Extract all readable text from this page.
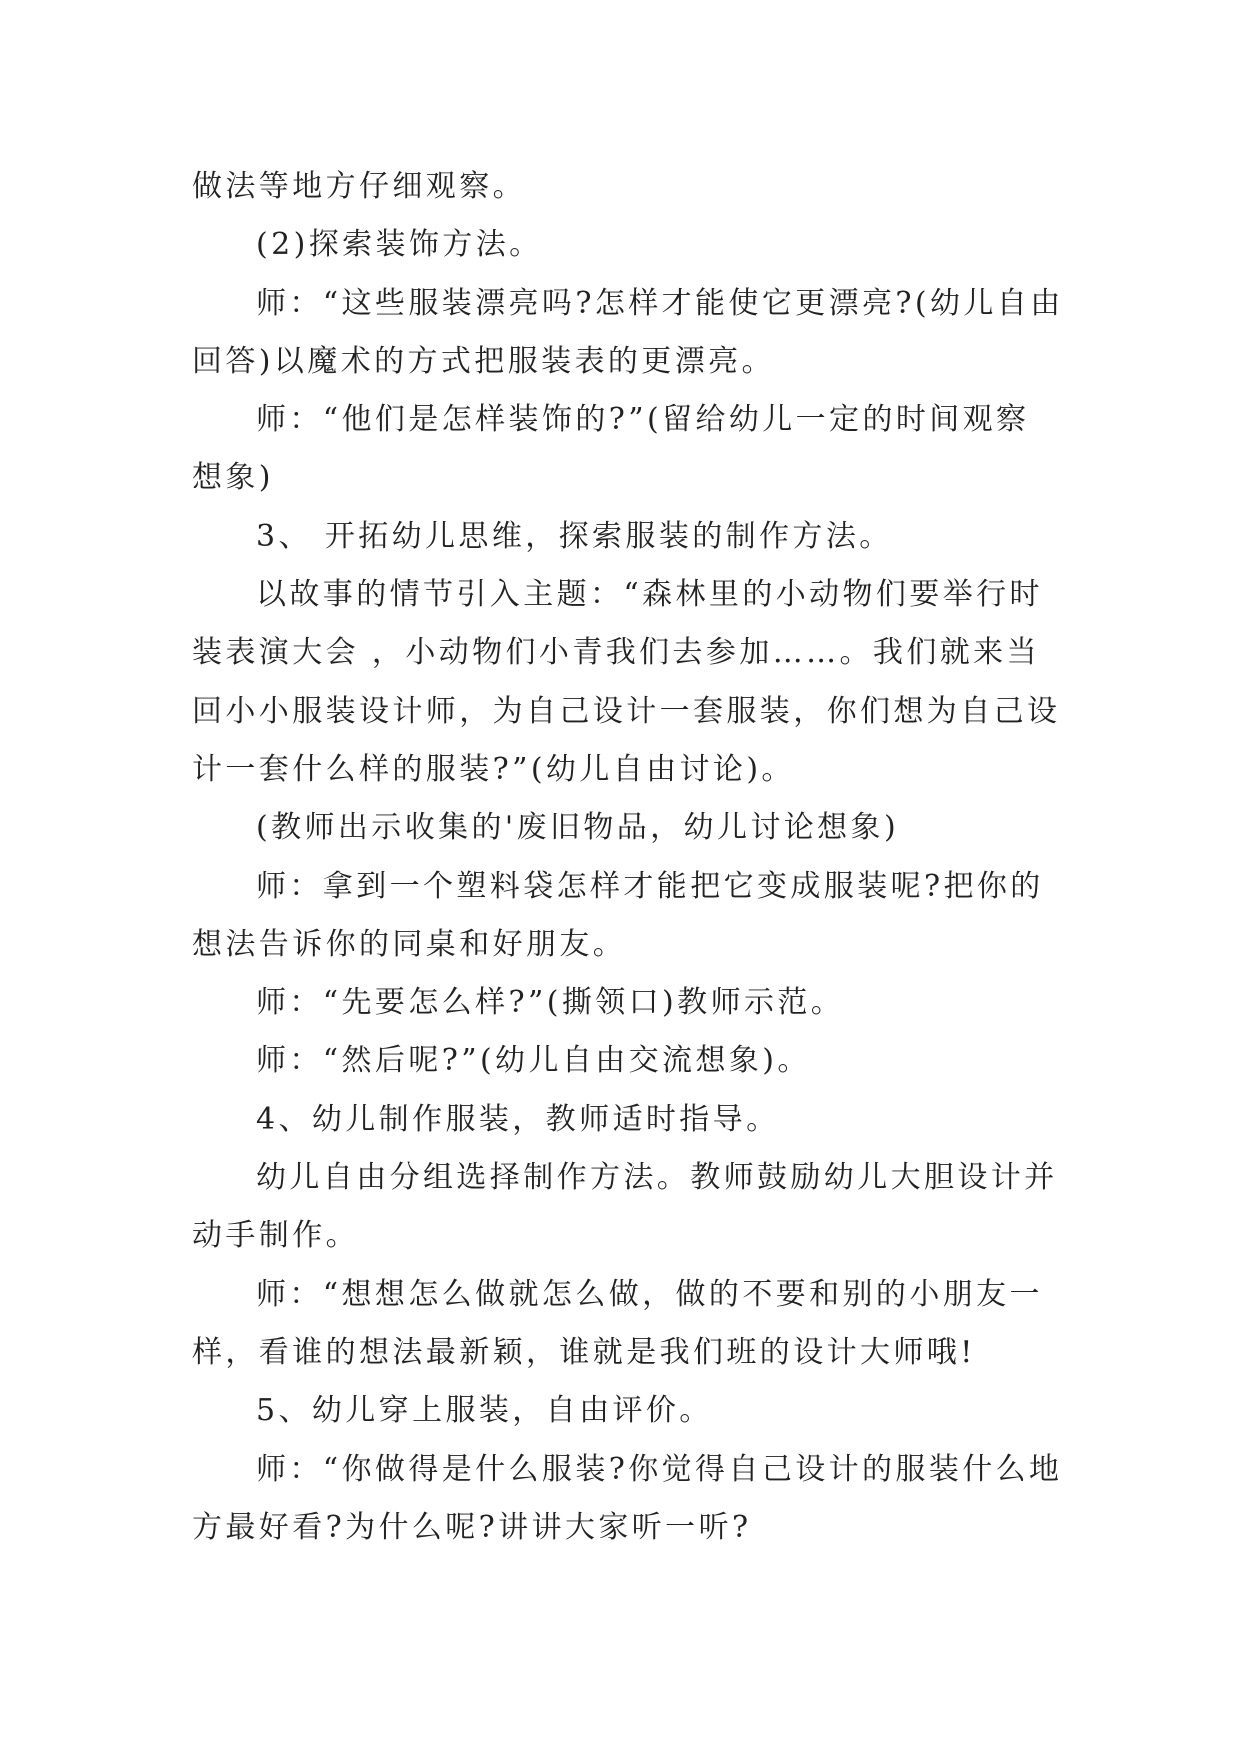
做法等地方仔细观察。

(2)探索装饰方法。

师：“这些服装漂亮吗?怎样才能使它更漂亮?(幼儿自由

回答)以魔术的方式把服装表的更漂亮。

师：“他们是怎样装饰的?”(留给幼儿一定的时间观察

想象)

3、 开拓幼儿思维，探索服装的制作方法。

以故事的情节引入主题：“森林里的小动物们要举行时

装表演大会 ，小动物们小青我们去参加……。我们就来当

回小小服装设计师，为自己设计一套服装，你们想为自己设

计一套什么样的服装?”(幼儿自由讨论)。

(教师出示收集的'废旧物品，幼儿讨论想象)

师：拿到一个塑料袋怎样才能把它变成服装呢?把你的

想法告诉你的同桌和好朋友。

师：“先要怎么样?”(撕领口)教师示范。

师：“然后呢?”(幼儿自由交流想象)。

4、幼儿制作服装，教师适时指导。

幼儿自由分组选择制作方法。教师鼓励幼儿大胆设计并

动手制作。

师：“想想怎么做就怎么做，做的不要和别的小朋友一

样，看谁的想法最新颖，谁就是我们班的设计大师哦!

5、幼儿穿上服装，自由评价。

师：“你做得是什么服装?你觉得自己设计的服装什么地

方最好看?为什么呢?讲讲大家听一听?
